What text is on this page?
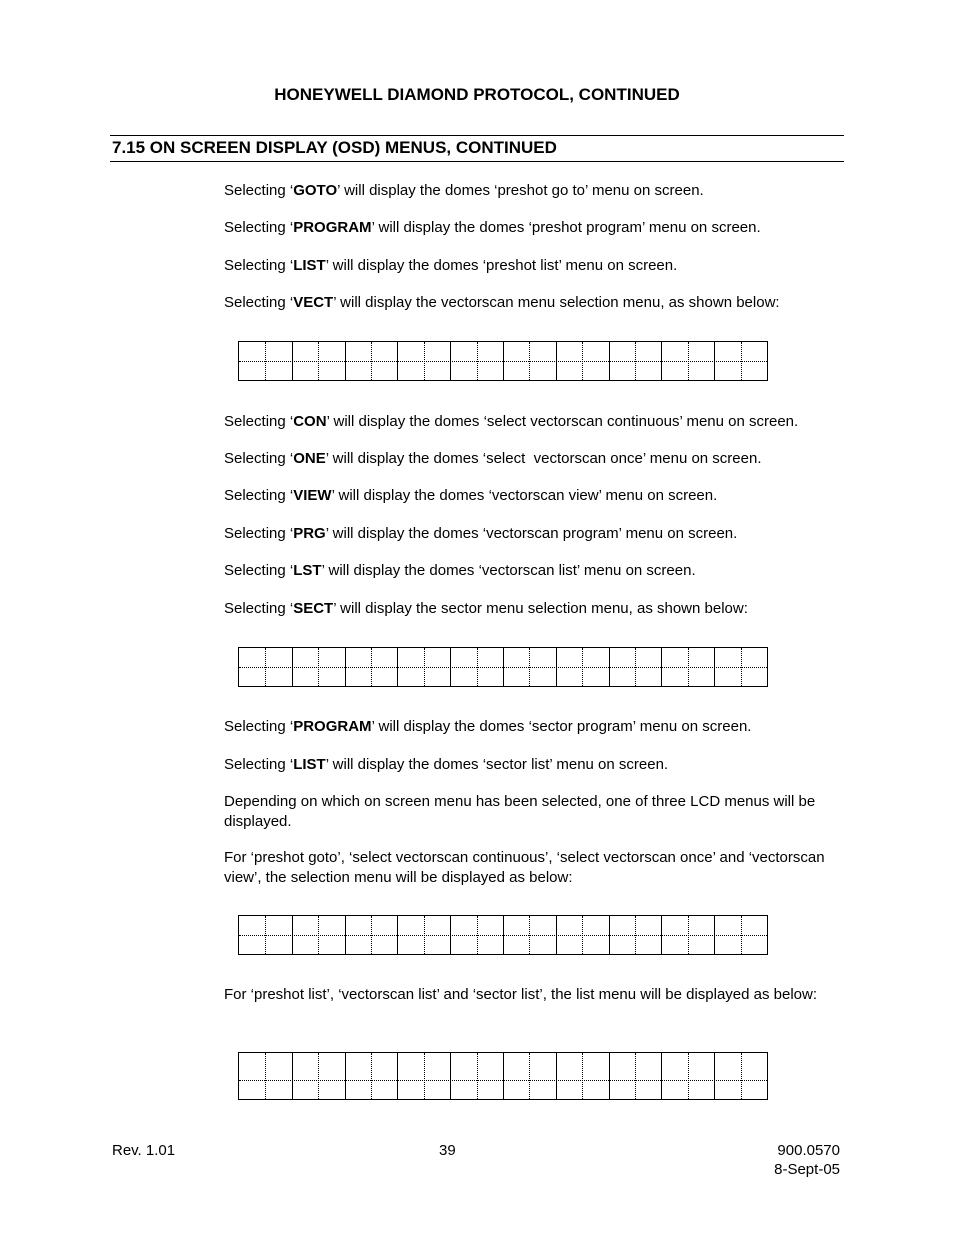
HONEYWELL DIAMOND PROTOCOL, CONTINUED
7.15 ON SCREEN DISPLAY (OSD) MENUS, CONTINUED
Selecting ‘GOTO’ will display the domes ‘preshot go to’ menu on screen.
Selecting ‘PROGRAM’ will display the domes ‘preshot program’ menu on screen.
Selecting ‘LIST’ will display the domes ‘preshot list’ menu on screen.
Selecting ‘VECT’ will display the vectorscan menu selection menu, as shown below:
Selecting ‘CON’ will display the domes ‘select vectorscan continuous’ menu on screen.
Selecting ‘ONE’ will display the domes ‘select  vectorscan once’ menu on screen.
Selecting ‘VIEW’ will display the domes ‘vectorscan view’ menu on screen.
Selecting ‘PRG’ will display the domes ‘vectorscan program’ menu on screen.
Selecting ‘LST’ will display the domes ‘vectorscan list’ menu on screen.
Selecting ‘SECT’ will display the sector menu selection menu, as shown below:
Selecting ‘PROGRAM’ will display the domes ‘sector program’ menu on screen.
Selecting ‘LIST’ will display the domes ‘sector list’ menu on screen.
Depending on which on screen menu has been selected, one of three LCD menus will be displayed.
For ‘preshot goto’, ‘select vectorscan continuous’, ‘select vectorscan once’ and ‘vectorscan view’, the selection menu will be displayed as below:
For ‘preshot list’, ‘vectorscan list’ and ‘sector list’, the list menu will be displayed as below:
Rev. 1.01	39	900.0570
8-Sept-05
